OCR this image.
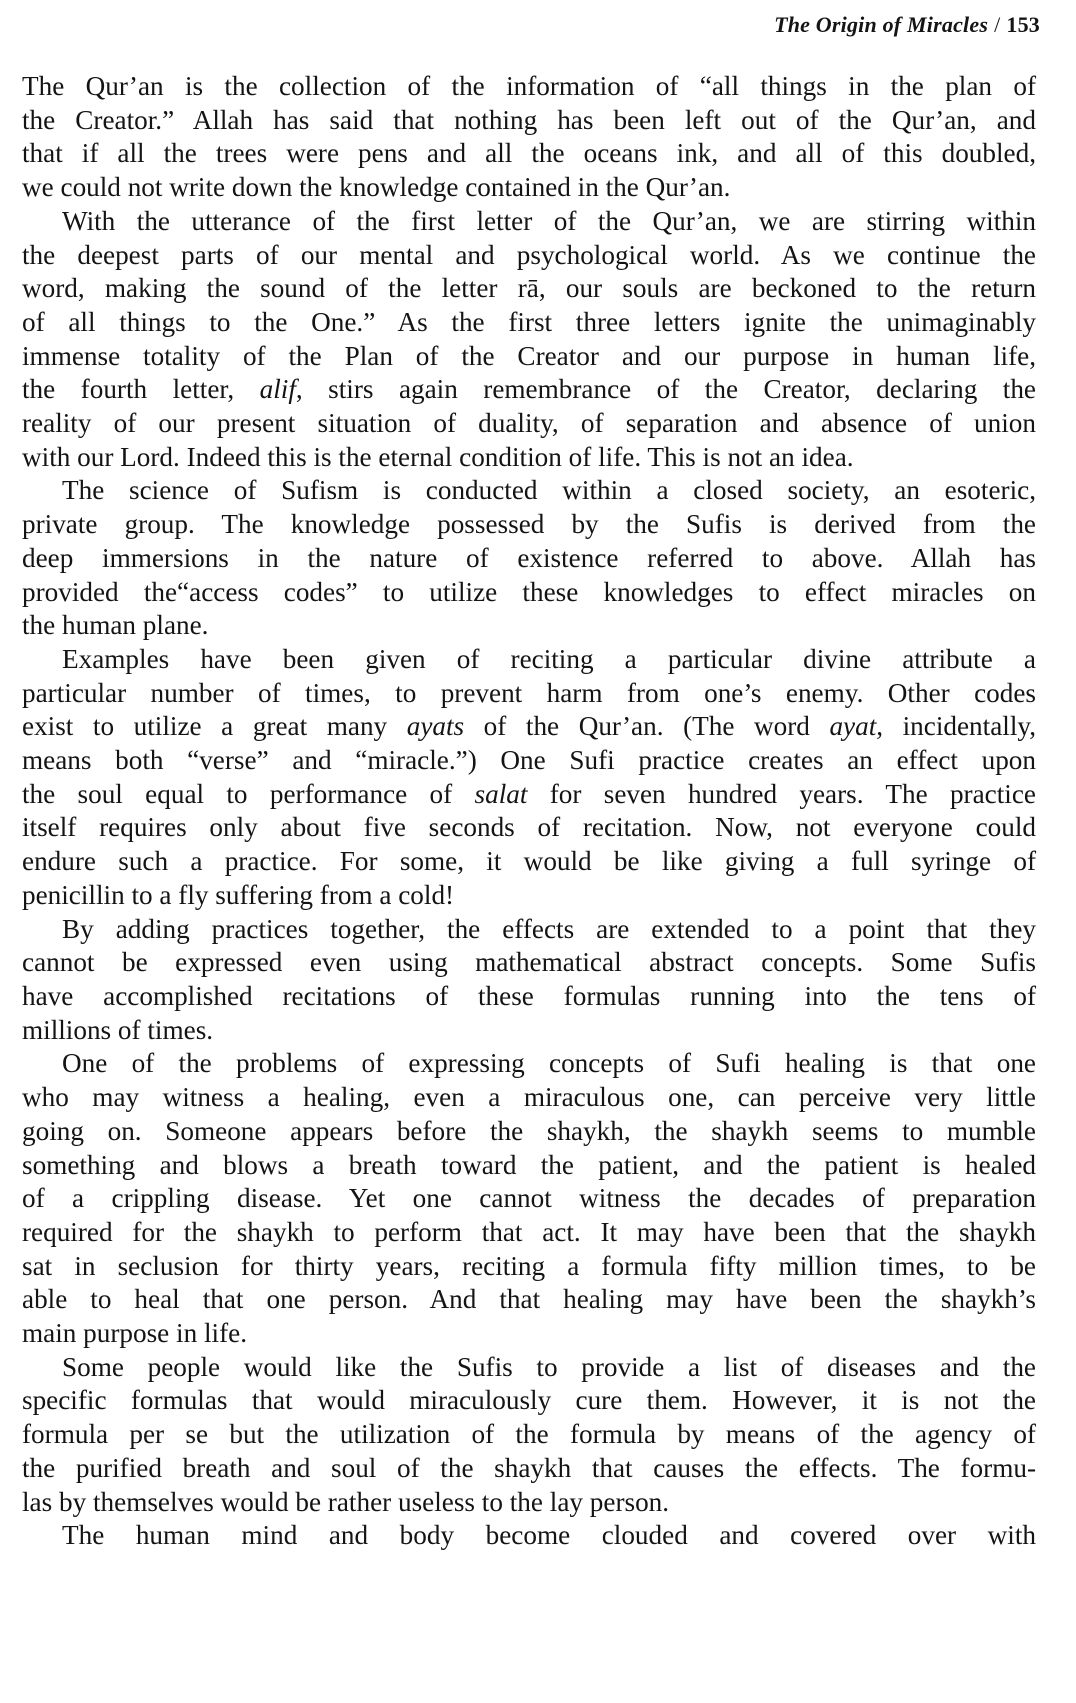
The Origin of Miracles / 153

The Qur’an is the collection of the information of “all things in the plan of
the Creator.” Allah has said that nothing has been left out of the Qur’an, and
that if all the trees were pens and all the oceans ink, and all of this doubled,
we could not write down the knowledge contained in the Qur’an.

With the utterance of the first letter of the Qur’an, we are stirring within
the deepest parts of our mental and psychological world. As we continue the
word, making the sound of the letter rā, our souls are beckoned to the return
of all things to the One.” As the first three letters ignite the unimaginably
immense totality of the Plan of the Creator and our purpose in human life,
the fourth letter, alif, stirs again remembrance of the Creator, declaring the
reality of our present situation of duality, of separation and absence of union
with our Lord. Indeed this is the eternal condition of life. This is not an idea.

The science of Sufism is conducted within a closed society, an esoteric,
private group. The knowledge possessed by the Sufis is derived from the
deep immersions in the nature of existence referred to above. Allah has
provided the“access codes” to utilize these knowledges to effect miracles on
the human plane.

Examples have been given of reciting a particular divine attribute a
particular number of times, to prevent harm from one’s enemy. Other codes
exist to utilize a great many ayats of the Qur’an. (The word ayat, incidentally,
means both “verse” and “miracle.”) One Sufi practice creates an effect upon
the soul equal to performance of salat for seven hundred years. The practice
itself requires only about five seconds of recitation. Now, not everyone could
endure such a practice. For some, it would be like giving a full syringe of
penicillin to a fly suffering from a cold!

By adding practices together, the effects are extended to a point that they
cannot be expressed even using mathematical abstract concepts. Some Sufis
have accomplished recitations of these formulas running into the tens of
millions of times.

One of the problems of expressing concepts of Sufi healing is that one
who may witness a healing, even a miraculous one, can perceive very little
going on. Someone appears before the shaykh, the shaykh seems to mumble
something and blows a breath toward the patient, and the patient is healed
of a crippling disease. Yet one cannot witness the decades of preparation
required for the shaykh to perform that act. It may have been that the shaykh
sat in seclusion for thirty years, reciting a formula fifty million times, to be
able to heal that one person. And that healing may have been the shaykh’s
main purpose in life.

Some people would like the Sufis to provide a list of diseases and the
specific formulas that would miraculously cure them. However, it is not the
formula per se but the utilization of the formula by means of the agency of
the purified breath and soul of the shaykh that causes the effects. The formu-
las by themselves would be rather useless to the lay person.

The human mind and body become clouded and covered over with
